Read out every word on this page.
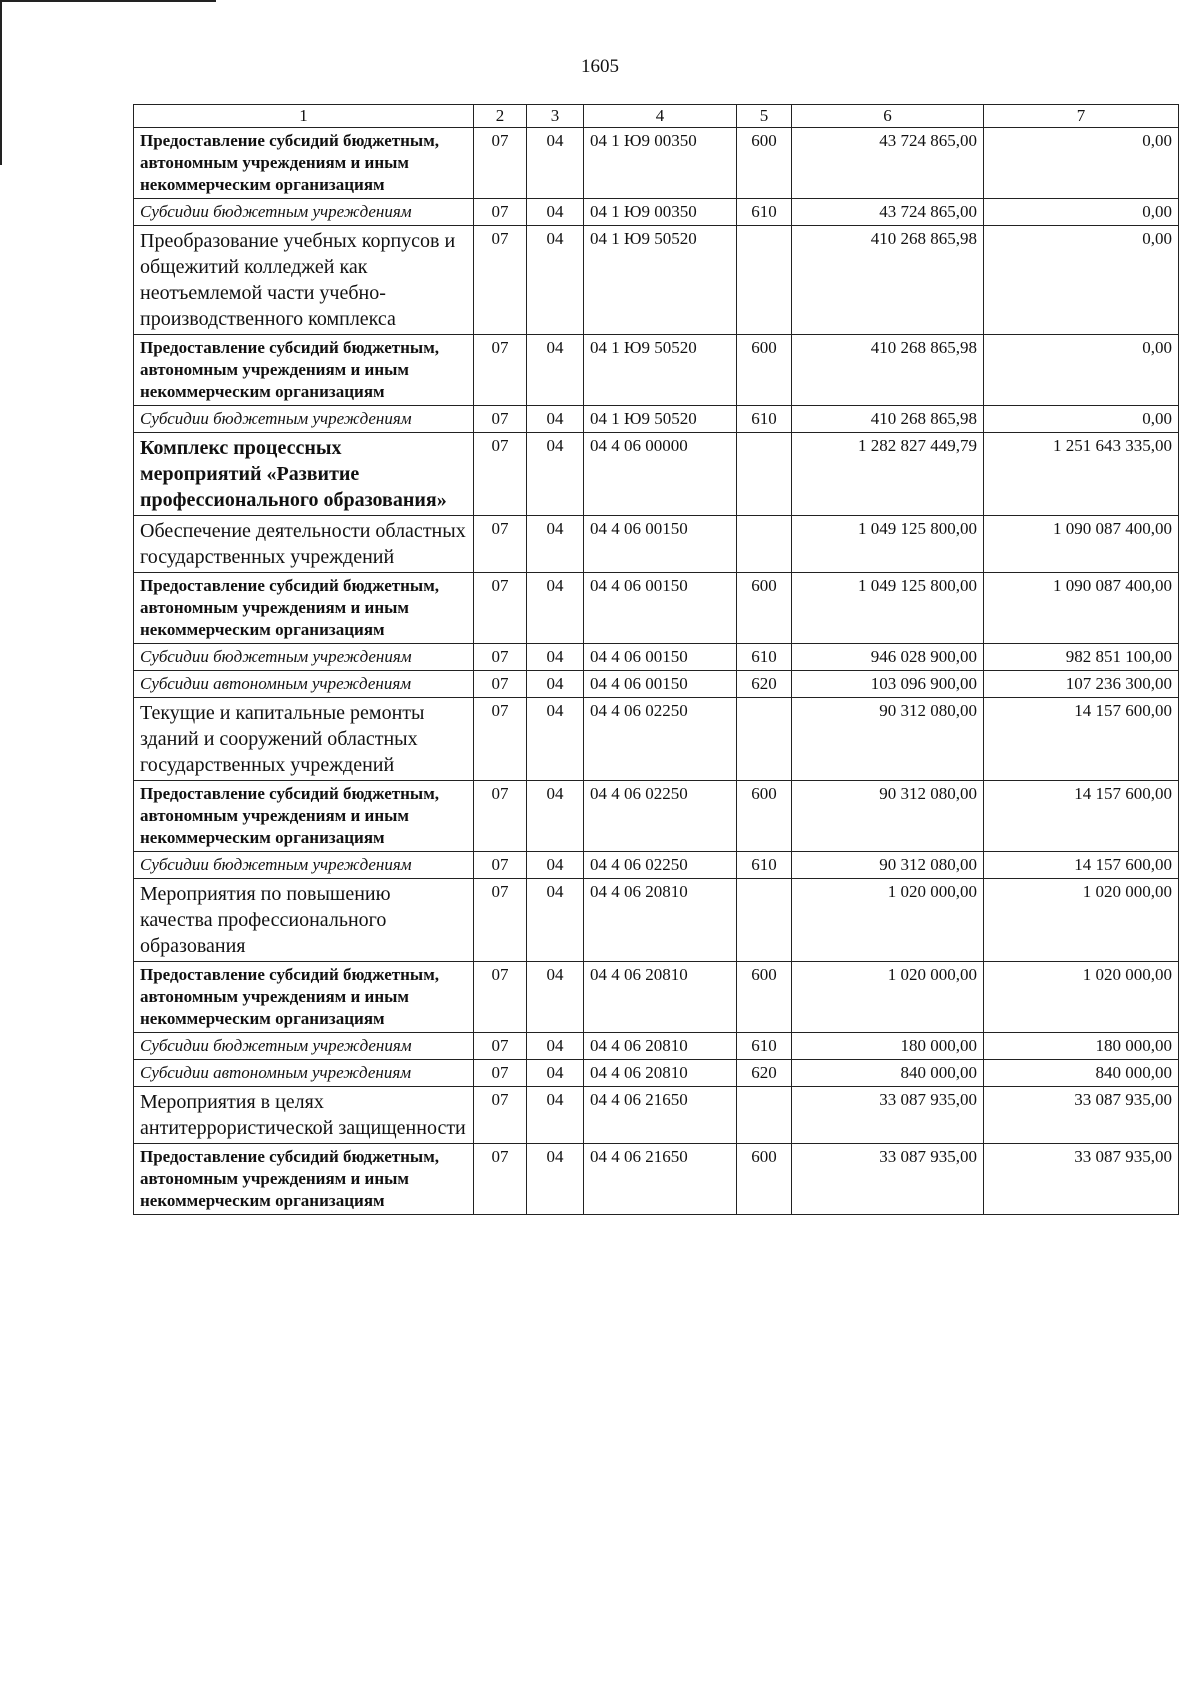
1605
1	2	3	4	5	6	7
Предоставление субсидий бюджетным, автономным учреждениям и иным некоммерческим организациям	07	04	04 1 Ю9 00350	600	43 724 865,00	0,00
Субсидии бюджетным учреждениям	07	04	04 1 Ю9 00350	610	43 724 865,00	0,00
Преобразование учебных корпусов и общежитий колледжей как неотъемлемой части учебно-производственного комплекса	07	04	04 1 Ю9 50520		410 268 865,98	0,00
Предоставление субсидий бюджетным, автономным учреждениям и иным некоммерческим организациям	07	04	04 1 Ю9 50520	600	410 268 865,98	0,00
Субсидии бюджетным учреждениям	07	04	04 1 Ю9 50520	610	410 268 865,98	0,00
Комплекс процессных мероприятий «Развитие профессионального образования»	07	04	04 4 06 00000		1 282 827 449,79	1 251 643 335,00
Обеспечение деятельности областных государственных учреждений	07	04	04 4 06 00150		1 049 125 800,00	1 090 087 400,00
Предоставление субсидий бюджетным, автономным учреждениям и иным некоммерческим организациям	07	04	04 4 06 00150	600	1 049 125 800,00	1 090 087 400,00
Субсидии бюджетным учреждениям	07	04	04 4 06 00150	610	946 028 900,00	982 851 100,00
Субсидии автономным учреждениям	07	04	04 4 06 00150	620	103 096 900,00	107 236 300,00
Текущие и капитальные ремонты зданий и сооружений областных государственных учреждений	07	04	04 4 06 02250		90 312 080,00	14 157 600,00
Предоставление субсидий бюджетным, автономным учреждениям и иным некоммерческим организациям	07	04	04 4 06 02250	600	90 312 080,00	14 157 600,00
Субсидии бюджетным учреждениям	07	04	04 4 06 02250	610	90 312 080,00	14 157 600,00
Мероприятия по повышению качества профессионального образования	07	04	04 4 06 20810		1 020 000,00	1 020 000,00
Предоставление субсидий бюджетным, автономным учреждениям и иным некоммерческим организациям	07	04	04 4 06 20810	600	1 020 000,00	1 020 000,00
Субсидии бюджетным учреждениям	07	04	04 4 06 20810	610	180 000,00	180 000,00
Субсидии автономным учреждениям	07	04	04 4 06 20810	620	840 000,00	840 000,00
Мероприятия в целях антитеррористической защищенности	07	04	04 4 06 21650		33 087 935,00	33 087 935,00
Предоставление субсидий бюджетным, автономным учреждениям и иным некоммерческим организациям	07	04	04 4 06 21650	600	33 087 935,00	33 087 935,00
